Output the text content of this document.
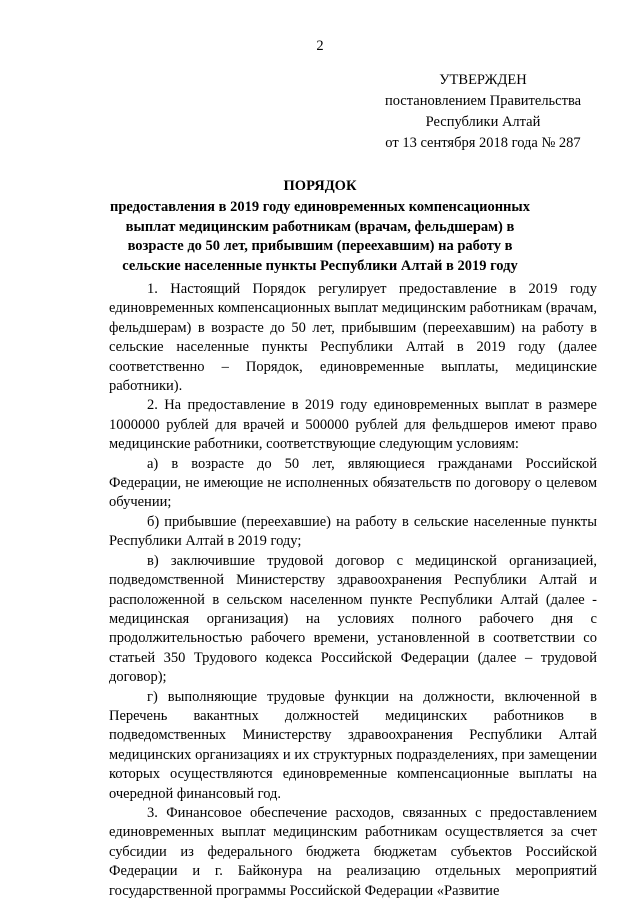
2
УТВЕРЖДЕН
постановлением Правительства
Республики Алтай
от 13 сентября 2018 года № 287
ПОРЯДОК
предоставления в 2019 году единовременных компенсационных выплат медицинским работникам (врачам, фельдшерам) в возрасте до 50 лет, прибывшим (переехавшим) на работу в сельские населенные пункты Республики Алтай в 2019 году

1. Настоящий Порядок регулирует предоставление в 2019 году единовременных компенсационных выплат медицинским работникам (врачам, фельдшерам) в возрасте до 50 лет, прибывшим (переехавшим) на работу в сельские населенные пункты Республики Алтай в 2019 году (далее соответственно – Порядок, единовременные выплаты, медицинские работники).

2. На предоставление в 2019 году единовременных выплат в размере 1000000 рублей для врачей и 500000 рублей для фельдшеров имеют право медицинские работники, соответствующие следующим условиям:

а) в возрасте до 50 лет, являющиеся гражданами Российской Федерации, не имеющие не исполненных обязательств по договору о целевом обучении;

б) прибывшие (переехавшие) на работу в сельские населенные пункты Республики Алтай в 2019 году;

в) заключившие трудовой договор с медицинской организацией, подведомственной Министерству здравоохранения Республики Алтай и расположенной в сельском населенном пункте Республики Алтай (далее - медицинская организация) на условиях полного рабочего дня с продолжительностью рабочего времени, установленной в соответствии со статьей 350 Трудового кодекса Российской Федерации (далее – трудовой договор);

г) выполняющие трудовые функции на должности, включенной в Перечень вакантных должностей медицинских работников в подведомственных Министерству здравоохранения Республики Алтай медицинских организациях и их структурных подразделениях, при замещении которых осуществляются единовременные компенсационные выплаты на очередной финансовый год.

3. Финансовое обеспечение расходов, связанных с предоставлением единовременных выплат медицинским работникам осуществляется за счет субсидии из федерального бюджета бюджетам субъектов Российской Федерации и г. Байконура на реализацию отдельных мероприятий государственной программы Российской Федерации «Развитие
